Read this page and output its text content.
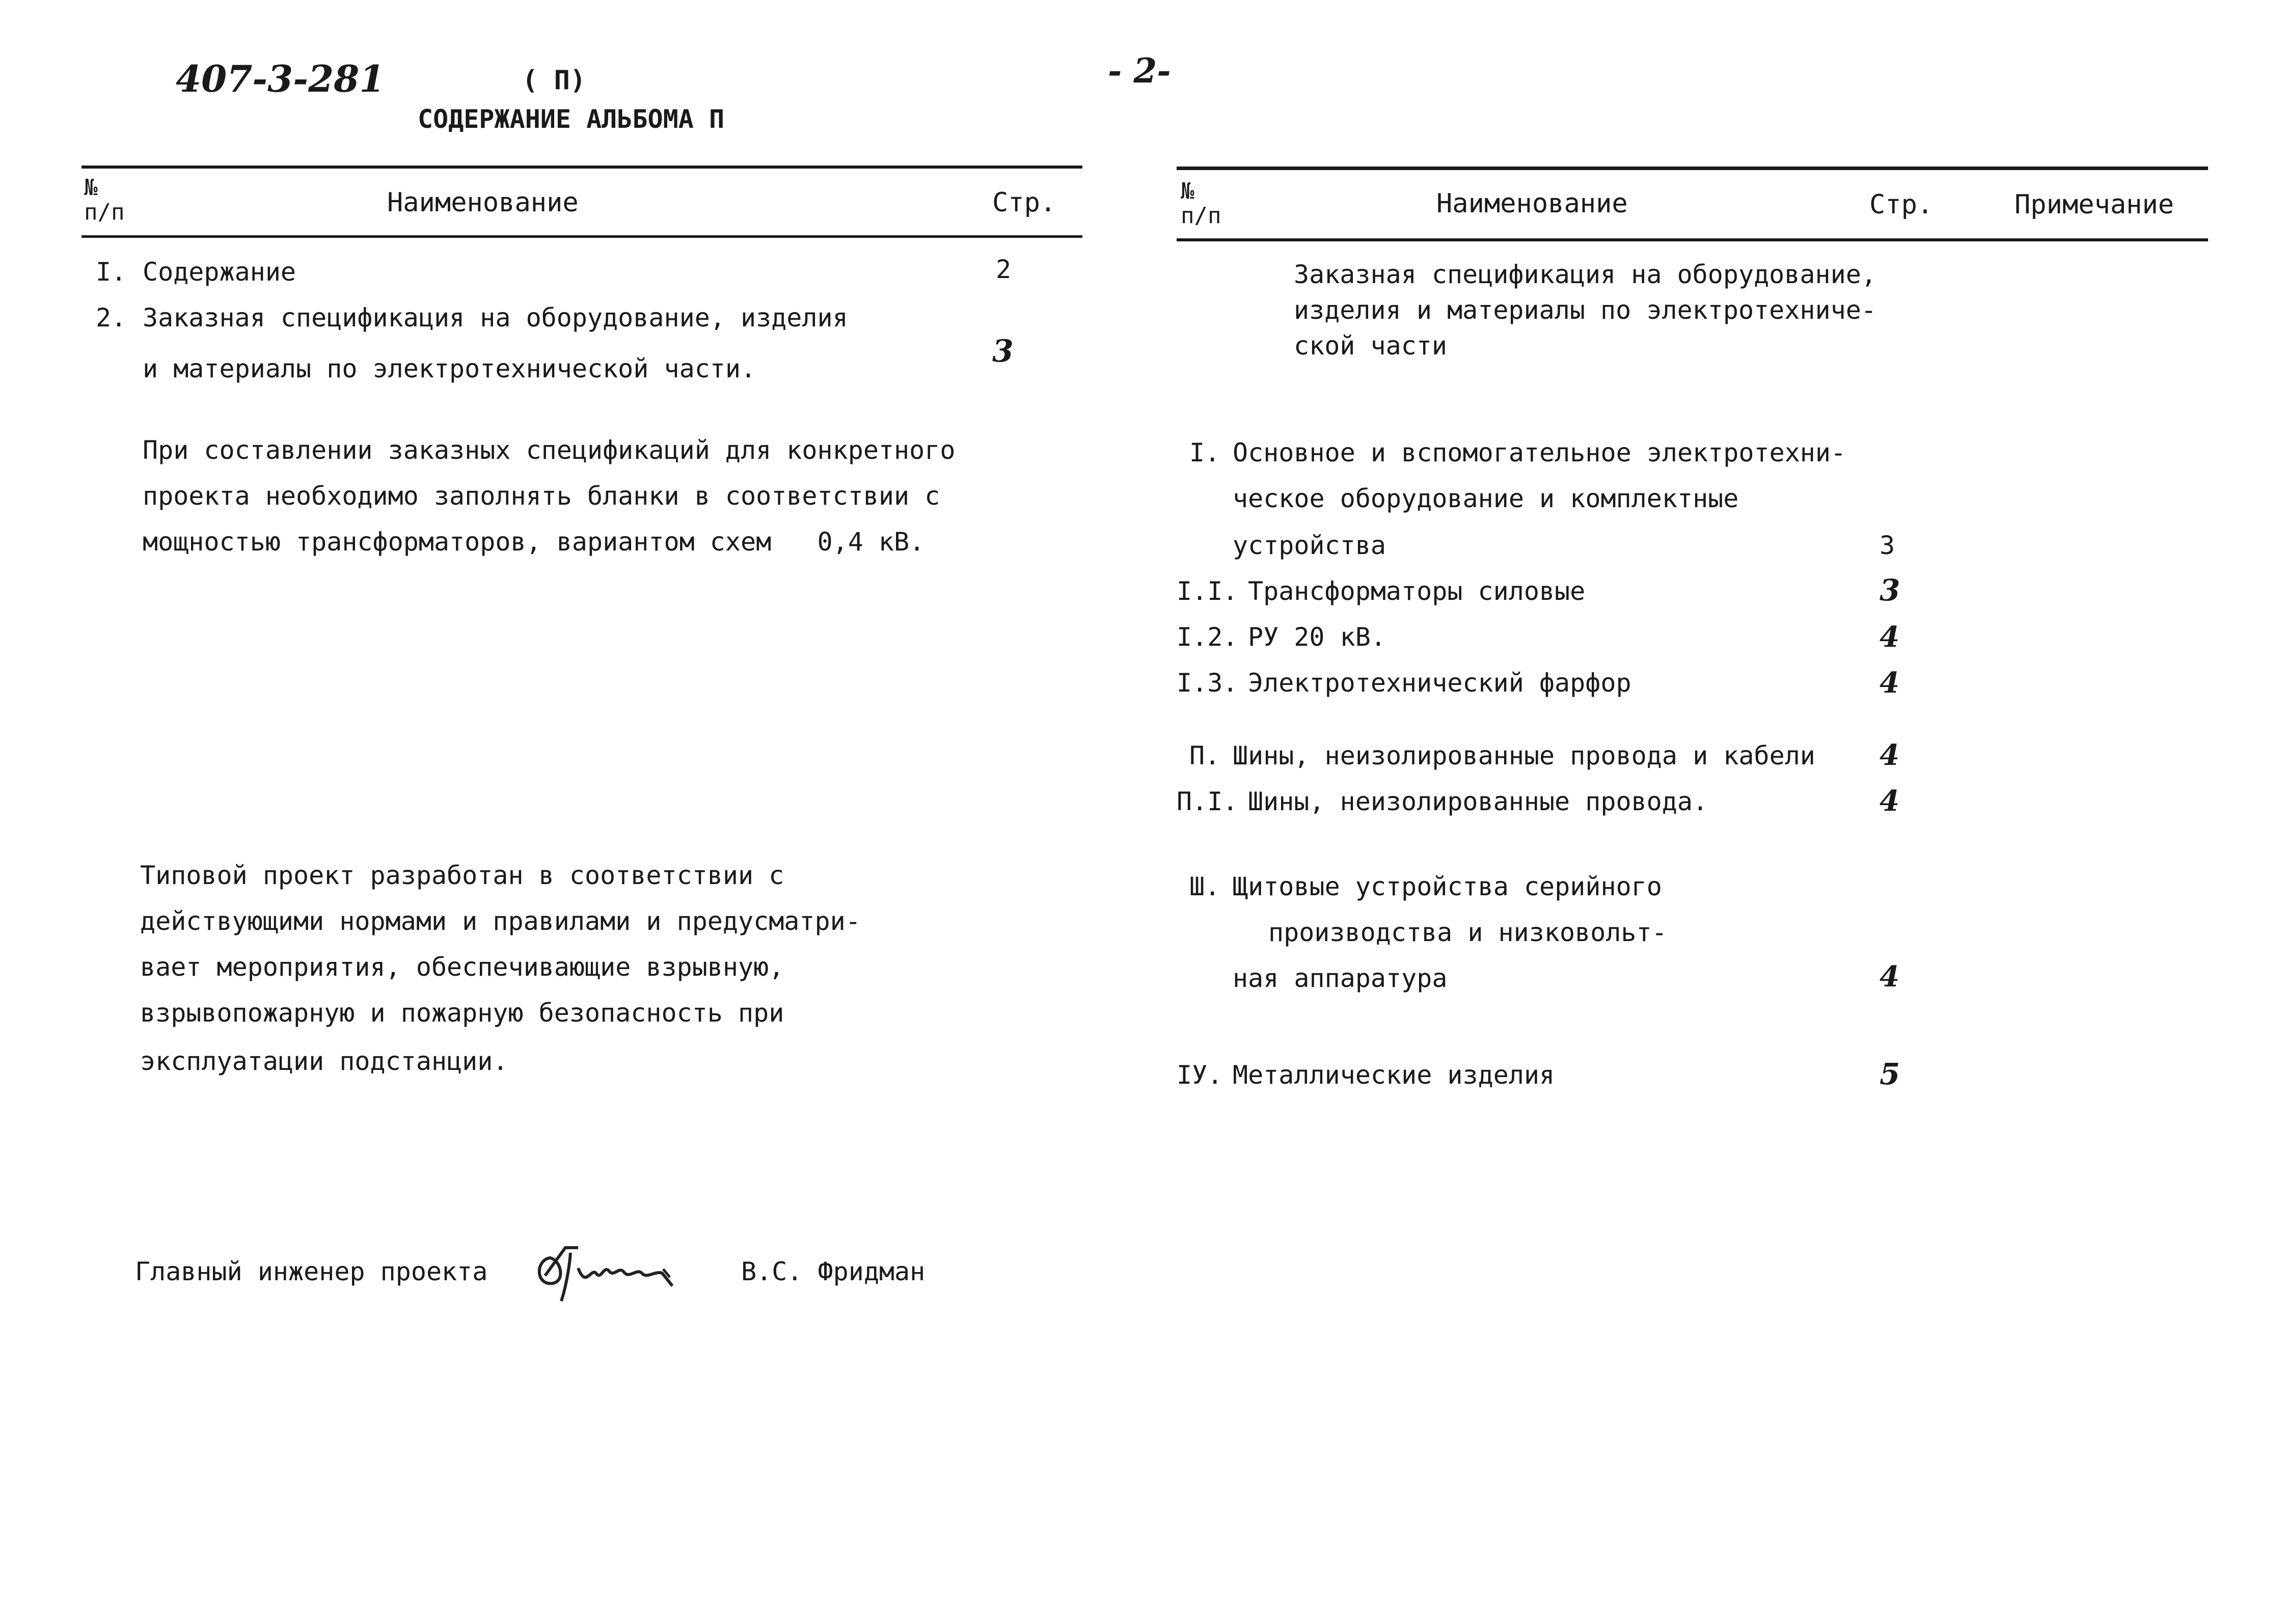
407-3-281	( П)
СОДЕРЖАНИЕ АЛЬБОМА П
- 2-
№
п/п	Наименование	Стр.
I. Содержание	2
2. Заказная спецификация на оборудование, изделия
и материалы по электротехнической части.	3
При составлении заказных спецификаций для конкретного
проекта необходимо заполнять бланки в соответствии с
мощностью трансформаторов, вариантом схем   0,4 кВ.
Типовой проект разработан в соответствии с
действующими нормами и правилами и предусматри-
вает мероприятия, обеспечивающие взрывную,
взрывопожарную и пожарную безопасность при
эксплуатации подстанции.
Главный инженер проекта	В.С. Фридман
№
п/п	Наименование	Стр.	Примечание
Заказная спецификация на оборудование,
изделия и материалы по электротехниче-
ской части
I. Основное и вспомогательное электротехни-
ческое оборудование и комплектные
устройства	3
I.I. Трансформаторы силовые	3
I.2. РУ 20 кВ.	4
I.3. Электротехнический фарфор	4
П. Шины, неизолированные провода и кабели 4
П.I. Шины, неизолированные провода.	4
Ш. Щитовые устройства серийного
производства и низковольт-
ная аппаратура	4
IУ. Металлические изделия	5
